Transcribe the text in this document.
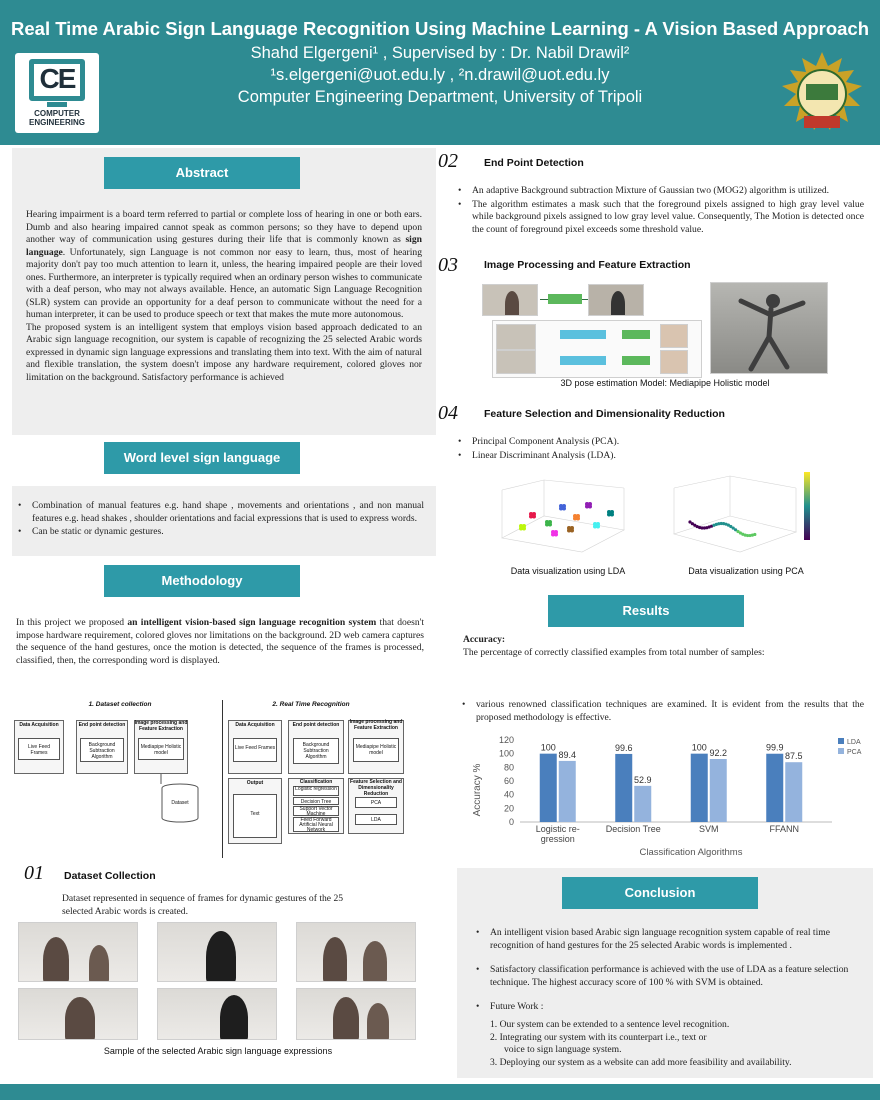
Real Time Arabic Sign Language Recognition Using Machine Learning - A Vision Based Approach
Shahd Elgergeni¹ , Supervised by : Dr. Nabil Drawil²
¹s.elgergeni@uot.edu.ly , ²n.drawil@uot.edu.ly
Computer Engineering Department, University of Tripoli
CE
COMPUTER ENGINEERING
Abstract
Hearing impairment is a board term referred to partial or complete loss of hearing in one or both ears. Dumb and also hearing impaired cannot speak as common persons; so they have to depend upon another way of communication using gestures during their life that is commonly known as sign language. Unfortunately, sign Language is not common nor easy to learn, thus, most of hearing majority don't pay too much attention to learn it, unless, the hearing impaired people are their loved ones. Furthermore, an interpreter is typically required when an ordinary person wishes to communicate with a deaf person, who may not always available. Hence, an automatic Sign Language Recognition (SLR) system can provide an opportunity for a deaf person to communicate without the need for a human interpreter, it can be used to produce speech or text that makes the mute more autonomous.
The proposed system is an intelligent system that employs vision based approach dedicated to an Arabic sign language recognition, our system is capable of recognizing the 25 selected Arabic words expressed in dynamic sign language expressions and translating them into text. With the aim of natural and flexible translation, the system doesn't impose any hardware requirement, colored gloves nor limitation on the background. Satisfactory performance is achieved
Word level sign language
• Combination of manual features e.g. hand shape , movements and orientations , and non manual features e.g. head shakes , shoulder orientations and facial expressions that is used to express words.
• Can be static or dynamic gestures.
Methodology
In this project we proposed an intelligent vision-based sign language recognition system that doesn't impose hardware requirement, colored gloves nor limitations on the background. 2D web camera captures the sequence of the hand gestures, once the motion is detected, the sequence of the frames is processed, classified, then, the corresponding word is displayed.
1. Dataset collection	2. Real Time Recognition
Data Acquisition
Live Feed Frames
End point detection
Background Subtraction Algorithm
Image processing and Feature Extraction
Mediapipe Holistic model
Dataset
Data Acquisition
Live Feed Frames
End point detection
Background Subtraction Algorithm
Image processing and Feature Extraction
Mediapipe Holistic model
Output
Text
Classification
Logistic regression
Decision Tree
Support Vector Machine
Feed Forward Artificial Neural Network
Feature Selection and Dimensionality Reduction
PCA
LDA
01 Dataset Collection
Dataset represented in sequence of frames for dynamic gestures of the 25 selected Arabic words is created.
Sample of the selected Arabic sign language expressions
02 End Point Detection
• An adaptive Background subtraction Mixture of Gaussian two (MOG2) algorithm is utilized.
• The algorithm estimates a mask such that the foreground pixels assigned to high gray level value while background pixels assigned to low gray level value. Consequently, The Motion is detected once the count of foreground pixel exceeds some threshold value.
03 Image Processing and Feature Extraction
3D pose estimation Model: Mediapipe Holistic model
04 Feature Selection and Dimensionality Reduction
• Principal Component Analysis (PCA).
• Linear Discriminant Analysis (LDA).
Data visualization using LDA	Data visualization using PCA
Results
Accuracy:
The percentage of correctly classified examples from total number of samples:
• various renowned classification techniques are examined. It is evident from the results that the proposed methodology is effective.
0
20
40
60
80
100
120
100
89.4
Logistic re-
gression
99.6
52.9
Decision Tree
100
92.2
SVM
99.9
87.5
FFANN
Accuracy %
Classification Algorithms
LDA
PCA
Conclusion
• An intelligent vision based Arabic sign language recognition system capable of real time recognition of hand gestures for the 25 selected Arabic words is implemented .
• Satisfactory classification performance is achieved with the use of LDA as a feature selection technique. The highest accuracy score of 100 % with SVM is obtained.
• Future Work :
1. Our system can be extended to a sentence level recognition.
2. Integrating our system with its counterpart i.e., text or
voice to sign language system.
3. Deploying our system as a website can add more feasibility and availability.
